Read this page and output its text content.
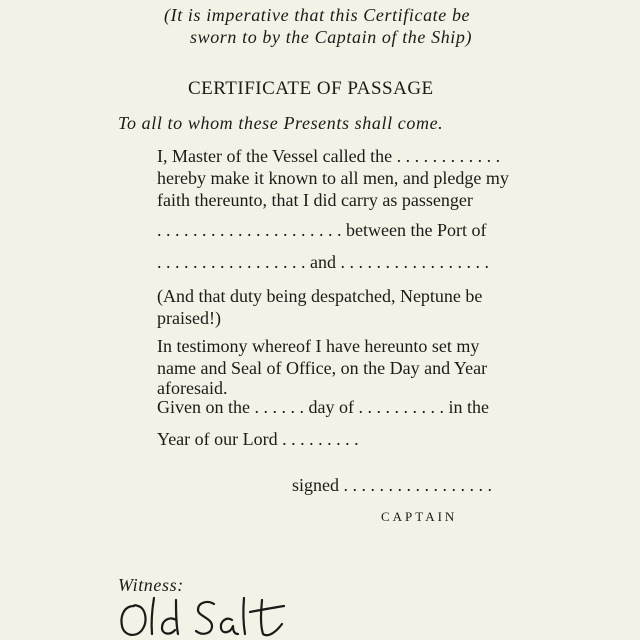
(It is imperative that this Certificate be
sworn to by the Captain of the Ship)
CERTIFICATE OF PASSAGE
To all to whom these Presents shall come.
I, Master of the Vessel called the . . . . . . . . . . . .
hereby make it known to all men, and pledge my
faith thereunto, that I did carry as passenger
. . . . . . . . . . . . . . . . . . . . . between the Port of
. . . . . . . . . . . . . . . . . and . . . . . . . . . . . . . . . . .
(And that duty being despatched, Neptune be
praised!)
In testimony whereof I have hereunto set my
name and Seal of Office, on the Day and Year
aforesaid.
Given on the . . . . . . day of . . . . . . . . . . in the
Year of our Lord . . . . . . . . .
signed . . . . . . . . . . . . . . . . .
CAPTAIN
Witness:
